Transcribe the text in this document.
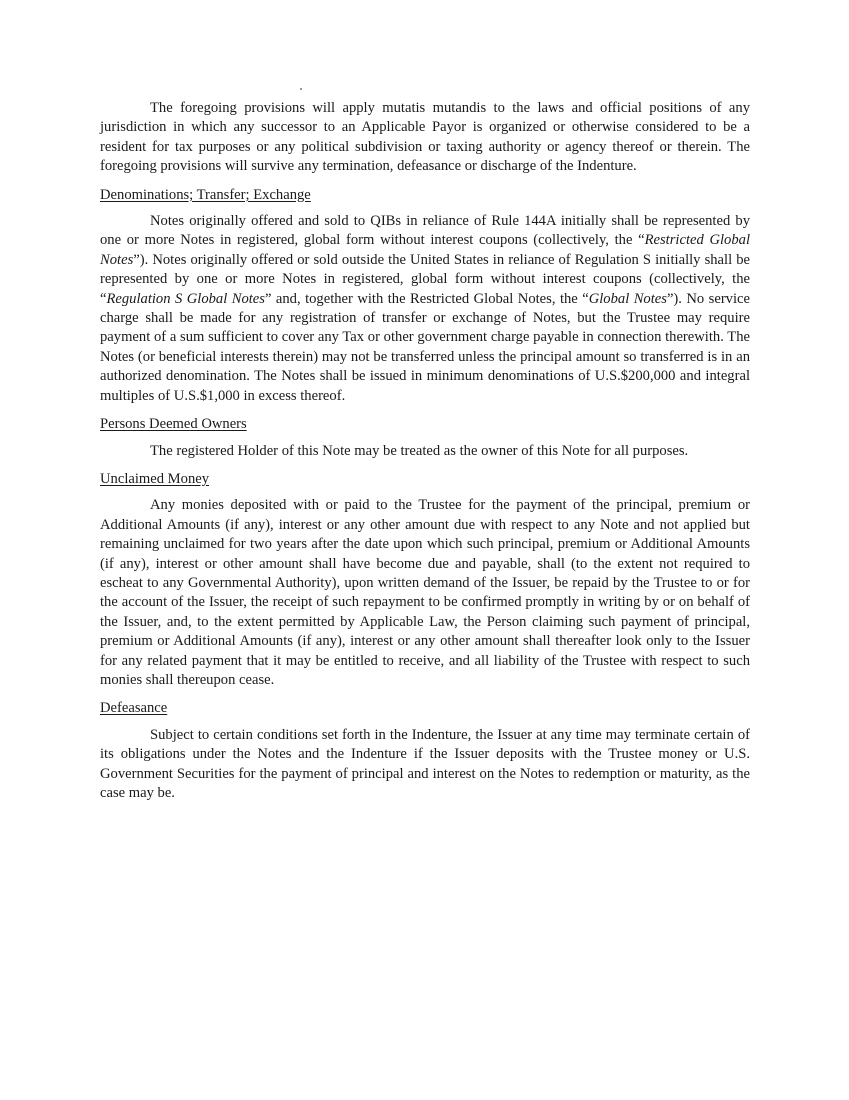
The foregoing provisions will apply mutatis mutandis to the laws and official positions of any jurisdiction in which any successor to an Applicable Payor is organized or otherwise considered to be a resident for tax purposes or any political subdivision or taxing authority or agency thereof or therein. The foregoing provisions will survive any termination, defeasance or discharge of the Indenture.

Denominations; Transfer; Exchange

Notes originally offered and sold to QIBs in reliance of Rule 144A initially shall be represented by one or more Notes in registered, global form without interest coupons (collectively, the “Restricted Global Notes”). Notes originally offered or sold outside the United States in reliance of Regulation S initially shall be represented by one or more Notes in registered, global form without interest coupons (collectively, the “Regulation S Global Notes” and, together with the Restricted Global Notes, the “Global Notes”). No service charge shall be made for any registration of transfer or exchange of Notes, but the Trustee may require payment of a sum sufficient to cover any Tax or other government charge payable in connection therewith. The Notes (or beneficial interests therein) may not be transferred unless the principal amount so transferred is in an authorized denomination. The Notes shall be issued in minimum denominations of U.S.$200,000 and integral multiples of U.S.$1,000 in excess thereof.

Persons Deemed Owners

The registered Holder of this Note may be treated as the owner of this Note for all purposes.

Unclaimed Money

Any monies deposited with or paid to the Trustee for the payment of the principal, premium or Additional Amounts (if any), interest or any other amount due with respect to any Note and not applied but remaining unclaimed for two years after the date upon which such principal, premium or Additional Amounts (if any), interest or other amount shall have become due and payable, shall (to the extent not required to escheat to any Governmental Authority), upon written demand of the Issuer, be repaid by the Trustee to or for the account of the Issuer, the receipt of such repayment to be confirmed promptly in writing by or on behalf of the Issuer, and, to the extent permitted by Applicable Law, the Person claiming such payment of principal, premium or Additional Amounts (if any), interest or any other amount shall thereafter look only to the Issuer for any related payment that it may be entitled to receive, and all liability of the Trustee with respect to such monies shall thereupon cease.

Defeasance

Subject to certain conditions set forth in the Indenture, the Issuer at any time may terminate certain of its obligations under the Notes and the Indenture if the Issuer deposits with the Trustee money or U.S. Government Securities for the payment of principal and interest on the Notes to redemption or maturity, as the case may be.
